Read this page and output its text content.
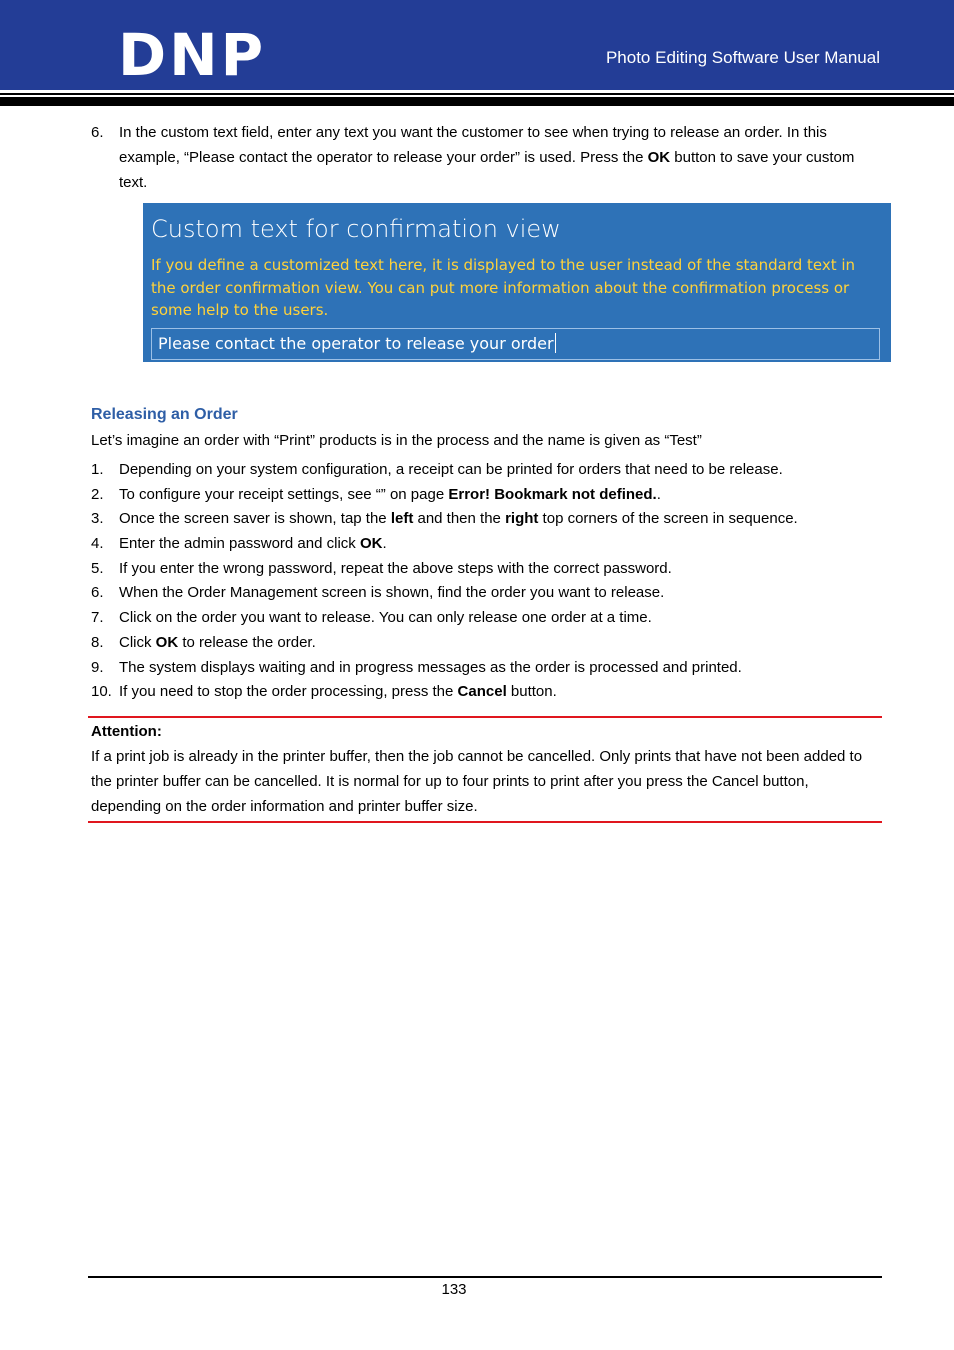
DNP	Photo Editing Software User Manual
6. In the custom text field, enter any text you want the customer to see when trying to release an order. In this example, “Please contact the operator to release your order” is used. Press the OK button to save your custom text.
Custom text for confirmation view
If you define a customized text here, it is displayed to the user instead of the standard text in the order confirmation view. You can put more information about the confirmation process or some help to the users.
Please contact the operator to release your order
Releasing an Order
Let’s imagine an order with “Print” products is in the process and the name is given as “Test”
1. Depending on your system configuration, a receipt can be printed for orders that need to be release.
2. To configure your receipt settings, see “” on page Error! Bookmark not defined..
3. Once the screen saver is shown, tap the left and then the right top corners of the screen in sequence.
4. Enter the admin password and click OK.
5. If you enter the wrong password, repeat the above steps with the correct password.
6. When the Order Management screen is shown, find the order you want to release.
7. Click on the order you want to release. You can only release one order at a time.
8. Click OK to release the order.
9. The system displays waiting and in progress messages as the order is processed and printed.
10. If you need to stop the order processing, press the Cancel button.
Attention:
If a print job is already in the printer buffer, then the job cannot be cancelled. Only prints that have not been added to the printer buffer can be cancelled. It is normal for up to four prints to print after you press the Cancel button, depending on the order information and printer buffer size.
133
